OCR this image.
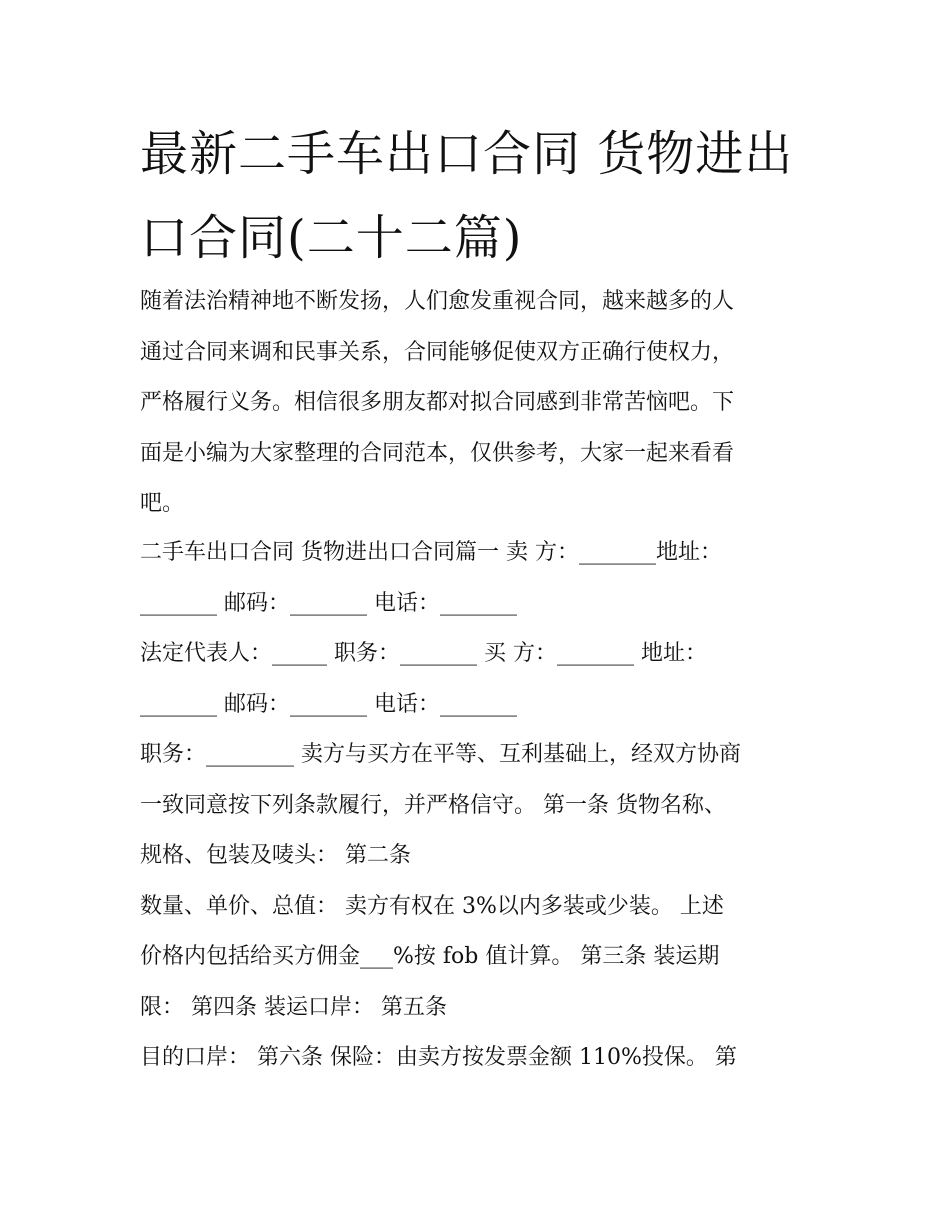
最新二手车出口合同 货物进出
口合同(二十二篇)
随着法治精神地不断发扬，人们愈发重视合同，越来越多的人
通过合同来调和民事关系，合同能够促使双方正确行使权力，
严格履行义务。相信很多朋友都对拟合同感到非常苦恼吧。下
面是小编为大家整理的合同范本，仅供参考，大家一起来看看
吧。
二手车出口合同 货物进出口合同篇一 卖 方：_______地址：
_______ 邮码：_______ 电话：_______
法定代表人：_____ 职务：_______ 买 方：_______ 地址：
_______ 邮码：_______ 电话：_______
职务：________ 卖方与买方在平等、互利基础上，经双方协商
一致同意按下列条款履行，并严格信守。 第一条 货物名称、
规格、包装及唛头： 第二条
数量、单价、总值： 卖方有权在 3%以内多装或少装。 上述
价格内包括给买方佣金___%按 fob 值计算。 第三条 装运期
限： 第四条 装运口岸： 第五条
目的口岸： 第六条 保险：由卖方按发票金额 110%投保。 第
